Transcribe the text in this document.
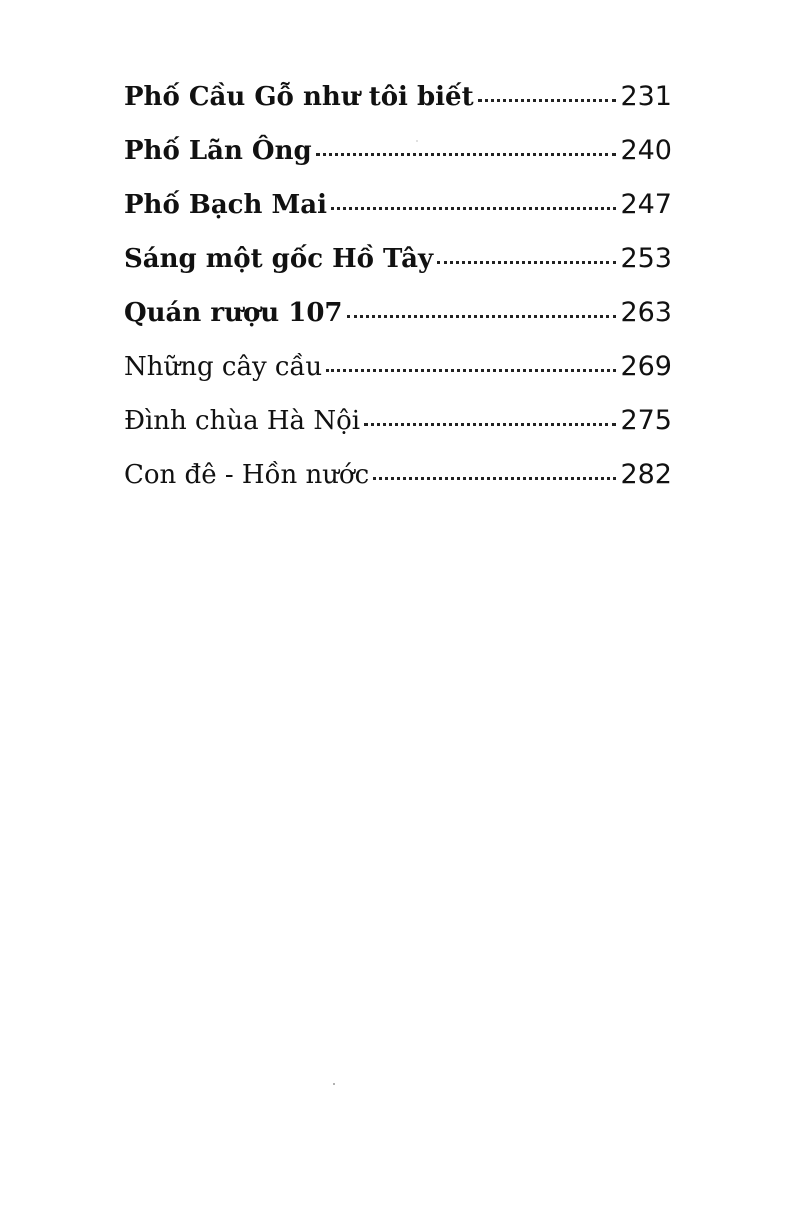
Phố Cầu Gỗ như tôi biết	231
Phố Lãn Ông	240
Phố Bạch Mai	247
Sáng một gốc Hồ Tây	253
Quán rượu 107	263
Những cây cầu	269
Đình chùa Hà Nội	275
Con đê - Hồn nước	282
